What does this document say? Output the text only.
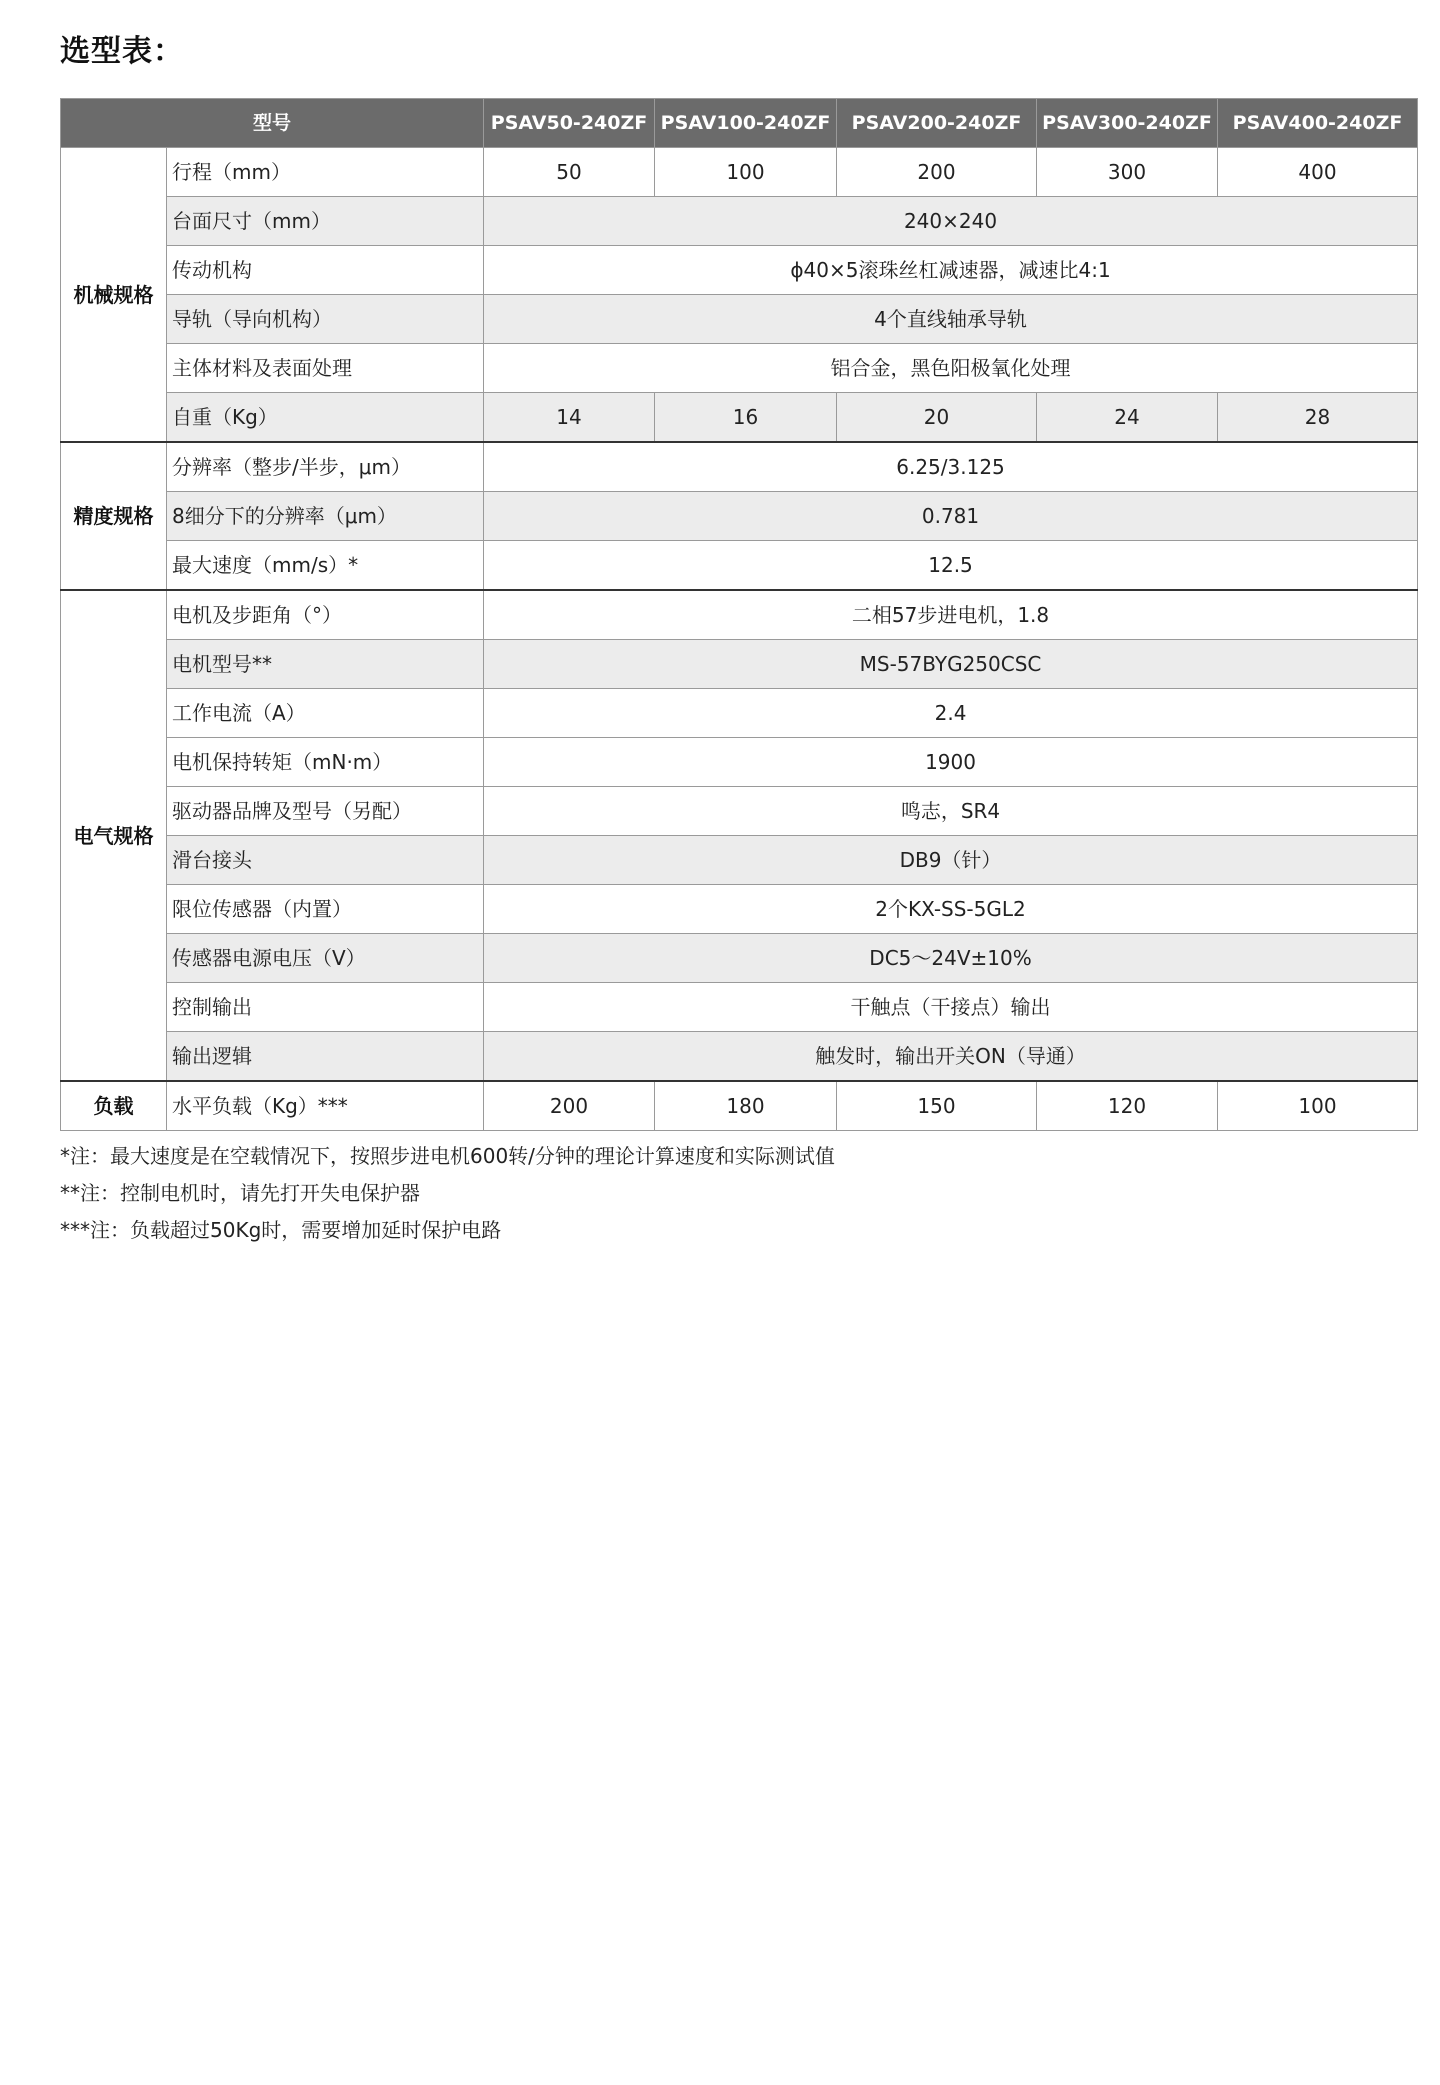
选型表：
型号		PSAV50-240ZF	PSAV100-240ZF	PSAV200-240ZF	PSAV300-240ZF	PSAV400-240ZF
机械规格	行程（mm）	50	100	200	300	400
	台面尺寸（mm）	240×240				
	传动机构	ϕ40×5滚珠丝杠减速器，减速比4:1				
	导轨（导向机构）	4个直线轴承导轨				
	主体材料及表面处理	铝合金，黑色阳极氧化处理				
	自重（Kg）	14	16	20	24	28
精度规格	分辨率（整步/半步，μm）	6.25/3.125				
	8细分下的分辨率（μm）	0.781				
	最大速度（mm/s）*	12.5				
电气规格	电机及步距角（°）	二相57步进电机，1.8				
	电机型号**	MS-57BYG250CSC				
	工作电流（A）	2.4				
	电机保持转矩（mN·m）	1900				
	驱动器品牌及型号（另配）	鸣志，SR4				
	滑台接头	DB9（针）				
	限位传感器（内置）	2个KX-SS-5GL2				
	传感器电源电压（V）	DC5～24V±10%				
	控制输出	干触点（干接点）输出				
	输出逻辑	触发时，输出开关ON（导通）				
负载	水平负载（Kg）***	200	180	150	120	100
*注：最大速度是在空载情况下，按照步进电机600转/分钟的理论计算速度和实际测试值
**注：控制电机时，请先打开失电保护器
***注：负载超过50Kg时，需要增加延时保护电路
